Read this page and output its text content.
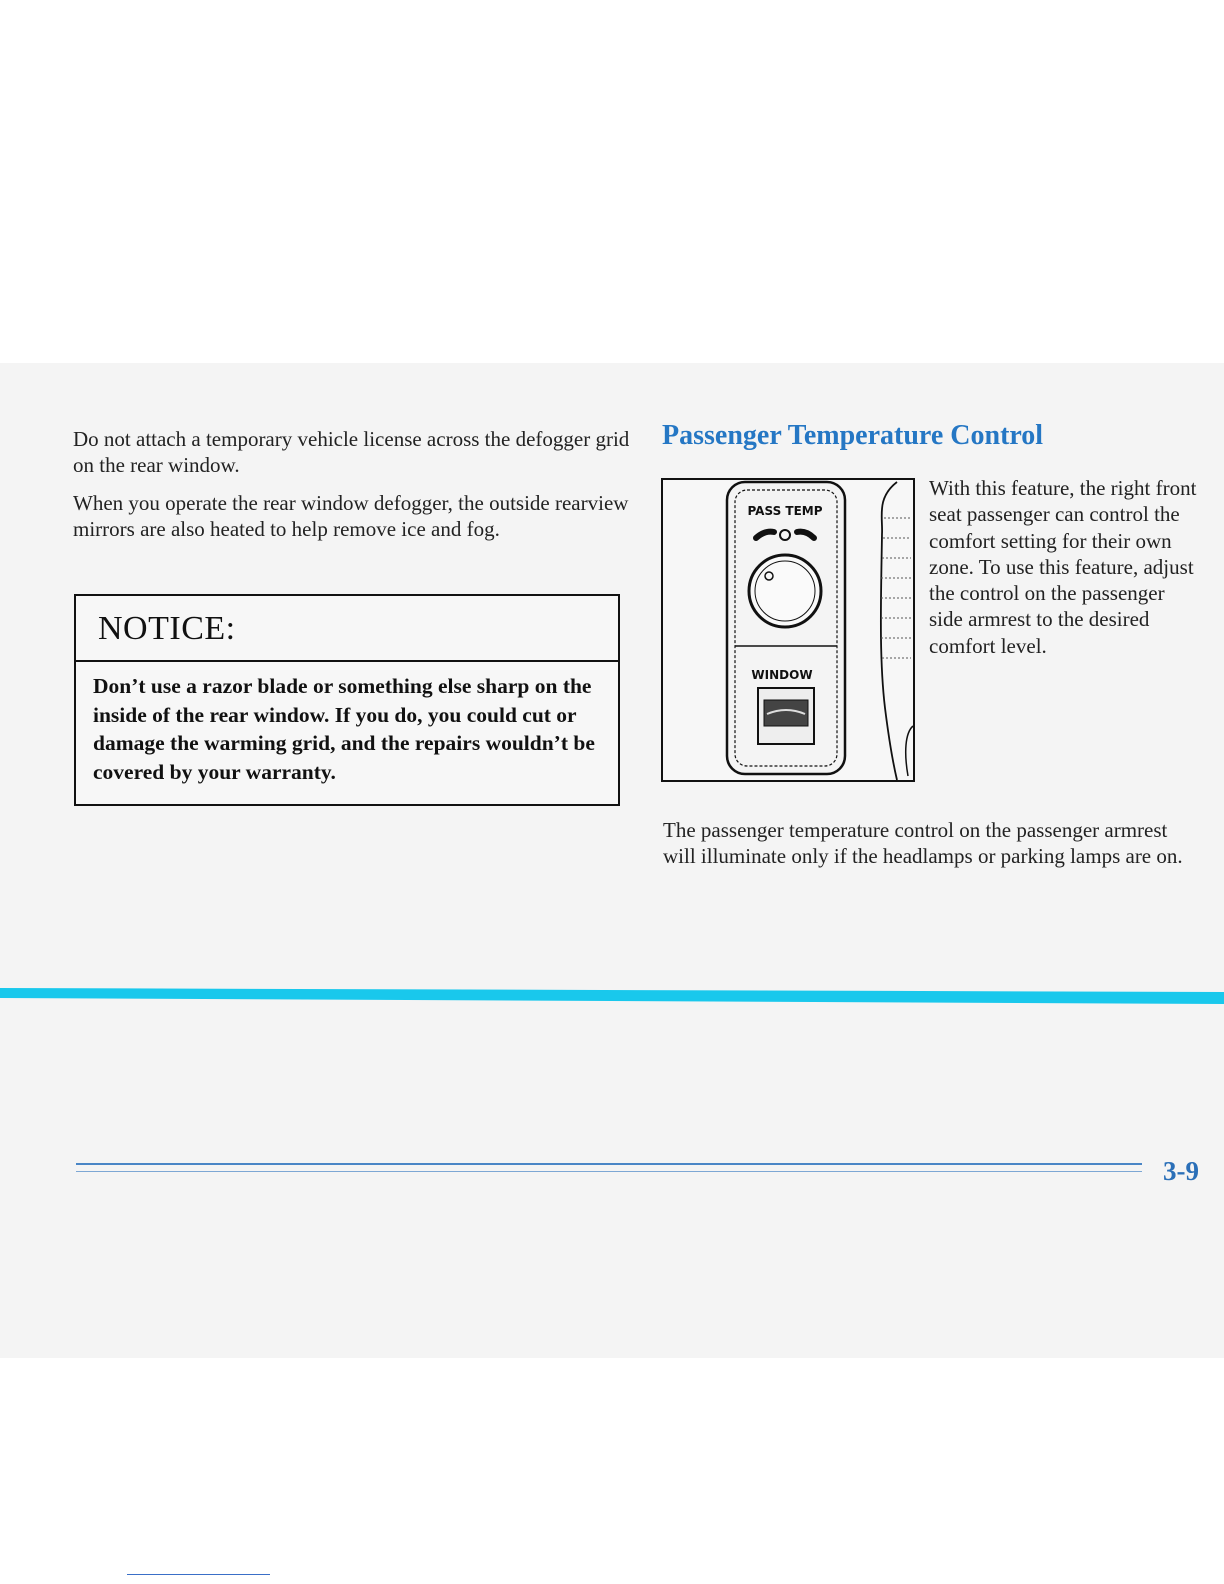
Do not attach a temporary vehicle license across the defogger grid on the rear window.

When you operate the rear window defogger, the outside rearview mirrors are also heated to help remove ice and fog.

NOTICE:

Don’t use a razor blade or something else sharp on the inside of the rear window. If you do, you could cut or damage the warming grid, and the repairs wouldn’t be covered by your warranty.

Passenger Temperature Control
PASS TEMP
WINDOW

With this feature, the right front seat passenger can control the comfort setting for their own zone. To use this feature, adjust the control on the passenger side armrest to the desired comfort level.

The passenger temperature control on the passenger armrest will illuminate only if the headlamps or parking lamps are on.

3-9
